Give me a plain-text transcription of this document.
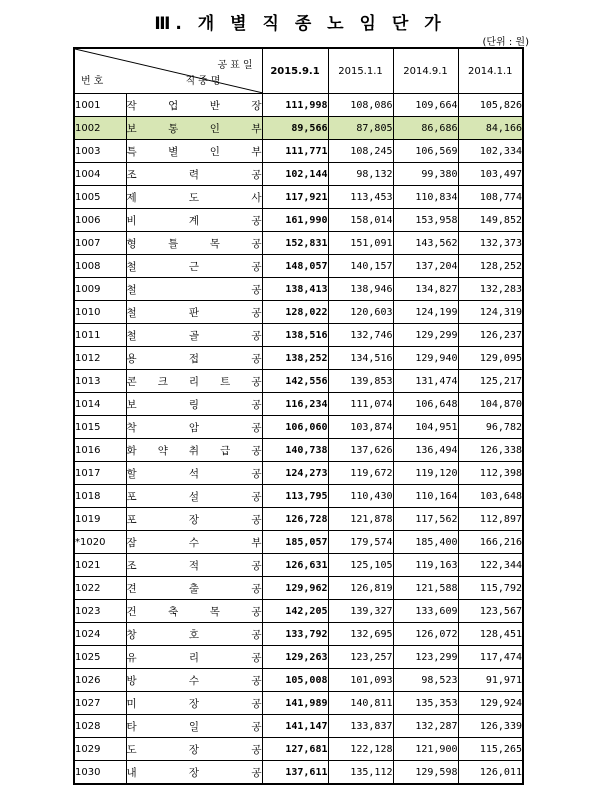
Ⅲ. 개 별 직 종 노 임 단 가
(단위 : 원)
공표일
번호 직종명		2015.9.1	2015.1.1	2014.9.1	2014.1.1
1001	작 업 반 장	111,998	108,086	109,664	105,826
1002	보 통 인 부	89,566	87,805	86,686	84,166
1003	특 별 인 부	111,771	108,245	106,569	102,334
1004	조 력 공	102,144	98,132	99,380	103,497
1005	제 도 사	117,921	113,453	110,834	108,774
1006	비 계 공	161,990	158,014	153,958	149,852
1007	형 틀 목 공	152,831	151,091	143,562	132,373
1008	철 근 공	148,057	140,157	137,204	128,252
1009	철 공	138,413	138,946	134,827	132,283
1010	철 판 공	128,022	120,603	124,199	124,319
1011	철 골 공	138,516	132,746	129,299	126,237
1012	용 접 공	138,252	134,516	129,940	129,095
1013	콘 크 리 트 공	142,556	139,853	131,474	125,217
1014	보 링 공	116,234	111,074	106,648	104,870
1015	착 암 공	106,060	103,874	104,951	96,782
1016	화 약 취 급 공	140,738	137,626	136,494	126,338
1017	할 석 공	124,273	119,672	119,120	112,398
1018	포 설 공	113,795	110,430	110,164	103,648
1019	포 장 공	126,728	121,878	117,562	112,897
*1020	잠 수 부	185,057	179,574	185,400	166,216
1021	조 적 공	126,631	125,105	119,163	122,344
1022	견 출 공	129,962	126,819	121,588	115,792
1023	건 축 목 공	142,205	139,327	133,609	123,567
1024	창 호 공	133,792	132,695	126,072	128,451
1025	유 리 공	129,263	123,257	123,299	117,474
1026	방 수 공	105,008	101,093	98,523	91,971
1027	미 장 공	141,989	140,811	135,353	129,924
1028	타 일 공	141,147	133,837	132,287	126,339
1029	도 장 공	127,681	122,128	121,900	115,265
1030	내 장 공	137,611	135,112	129,598	126,011
